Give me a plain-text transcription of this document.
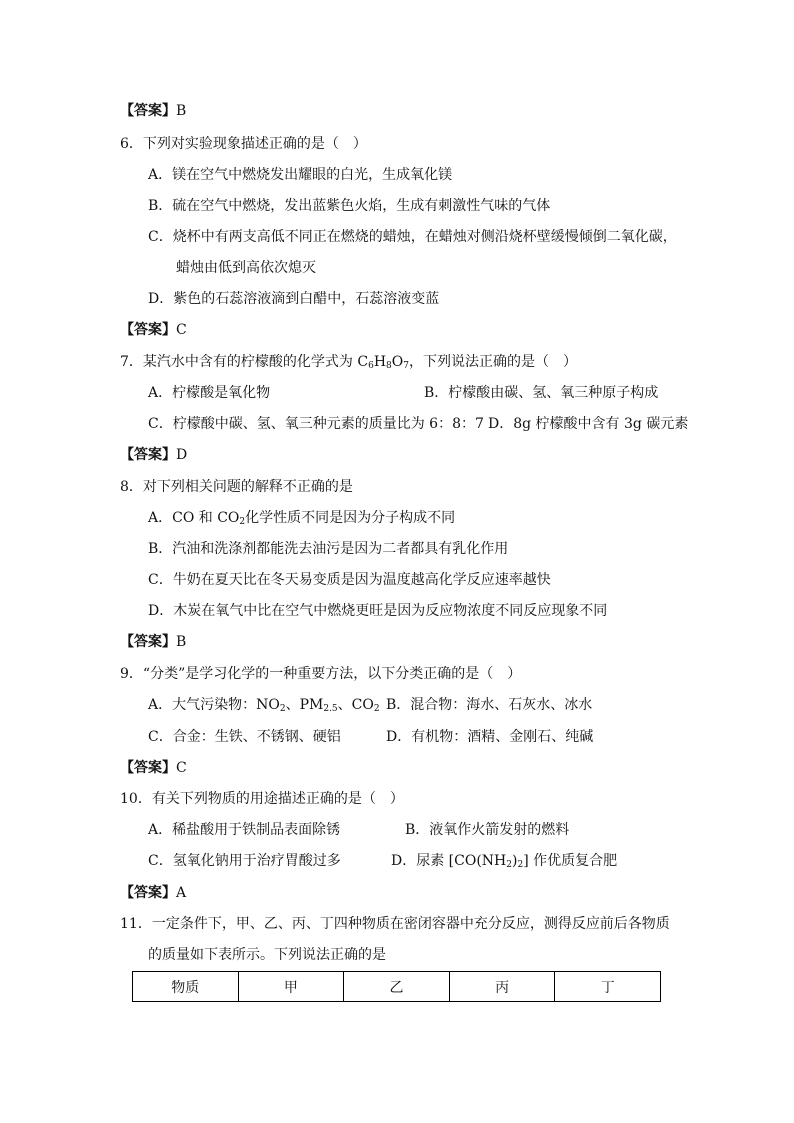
【答案】B
6．下列对实验现象描述正确的是（　）
A．镁在空气中燃烧发出耀眼的白光，生成氧化镁
B．硫在空气中燃烧，发出蓝紫色火焰，生成有刺激性气味的气体
C．烧杯中有两支高低不同正在燃烧的蜡烛，在蜡烛对侧沿烧杯壁缓慢倾倒二氧化碳，
蜡烛由低到高依次熄灭
D．紫色的石蕊溶液滴到白醋中，石蕊溶液变蓝
【答案】C
7．某汽水中含有的柠檬酸的化学式为 $C_6H_8O_7$，下列说法正确的是（　）
A．柠檬酸是氧化物	B．柠檬酸由碳、氢、氧三种原子构成
C．柠檬酸中碳、氢、氧三种元素的质量比为 6：8：7 D．8g 柠檬酸中含有 3g 碳元素
【答案】D
8．对下列相关问题的解释不正确的是
A．CO 和 $CO_2$化学性质不同是因为分子构成不同
B．汽油和洗涤剂都能洗去油污是因为二者都具有乳化作用
C．牛奶在夏天比在冬天易变质是因为温度越高化学反应速率越快
D．木炭在氧气中比在空气中燃烧更旺是因为反应物浓度不同反应现象不同
【答案】B
9．“分类”是学习化学的一种重要方法，以下分类正确的是（　）
A．大气污染物：$NO_2$、$PM_{2.5}$、$CO_2$ B．混合物：海水、石灰水、冰水
C．合金：生铁、不锈钢、硬铝	D．有机物：酒精、金刚石、纯碱
【答案】C
10．有关下列物质的用途描述正确的是（　）
A．稀盐酸用于铁制品表面除锈	B．液氧作火箭发射的燃料
C．氢氧化钠用于治疗胃酸过多	D．尿素 $[CO(NH_2)_2]$ 作优质复合肥
【答案】A
11．一定条件下，甲、乙、丙、丁四种物质在密闭容器中充分反应，测得反应前后各物质
的质量如下表所示。下列说法正确的是
物质	甲	乙	丙	丁
